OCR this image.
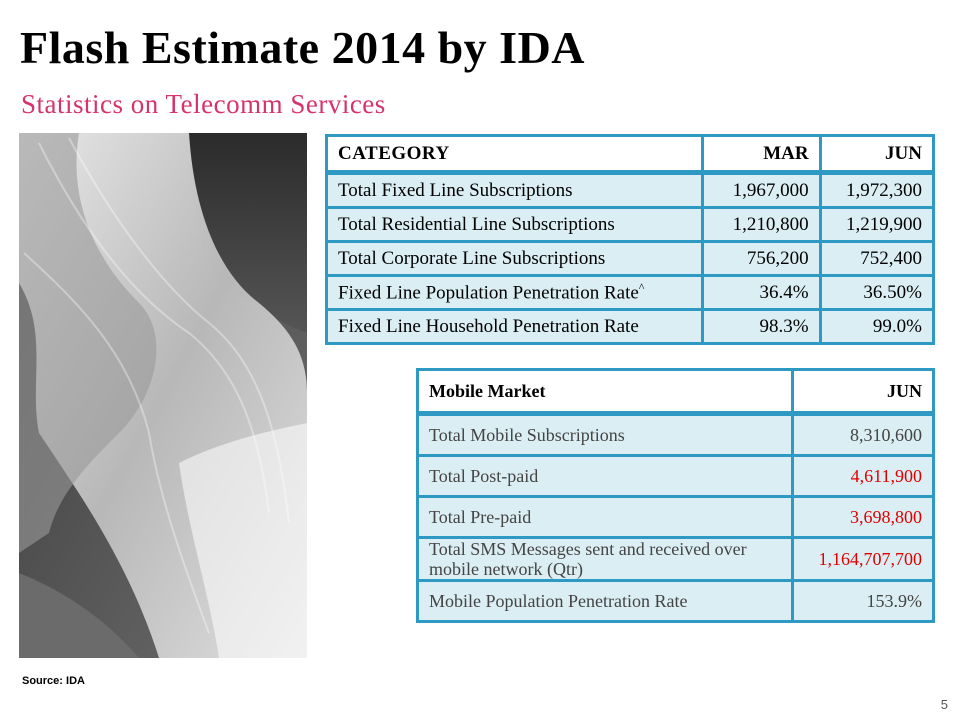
Flash Estimate 2014 by IDA
Statistics on Telecomm Services
CATEGORY	MAR	JUN
Total Fixed Line Subscriptions	1,967,000	1,972,300
Total Residential Line Subscriptions	1,210,800	1,219,900
Total Corporate Line Subscriptions	756,200	752,400
Fixed Line Population Penetration Rate^	36.4%	36.50%
Fixed Line Household Penetration Rate	98.3%	99.0%
Mobile Market	JUN
Total Mobile Subscriptions	8,310,600
Total Post-paid	4,611,900
Total Pre-paid	3,698,800
Total SMS Messages sent and received over mobile network (Qtr)	1,164,707,700
Mobile Population Penetration Rate	153.9%
Source: IDA
5
